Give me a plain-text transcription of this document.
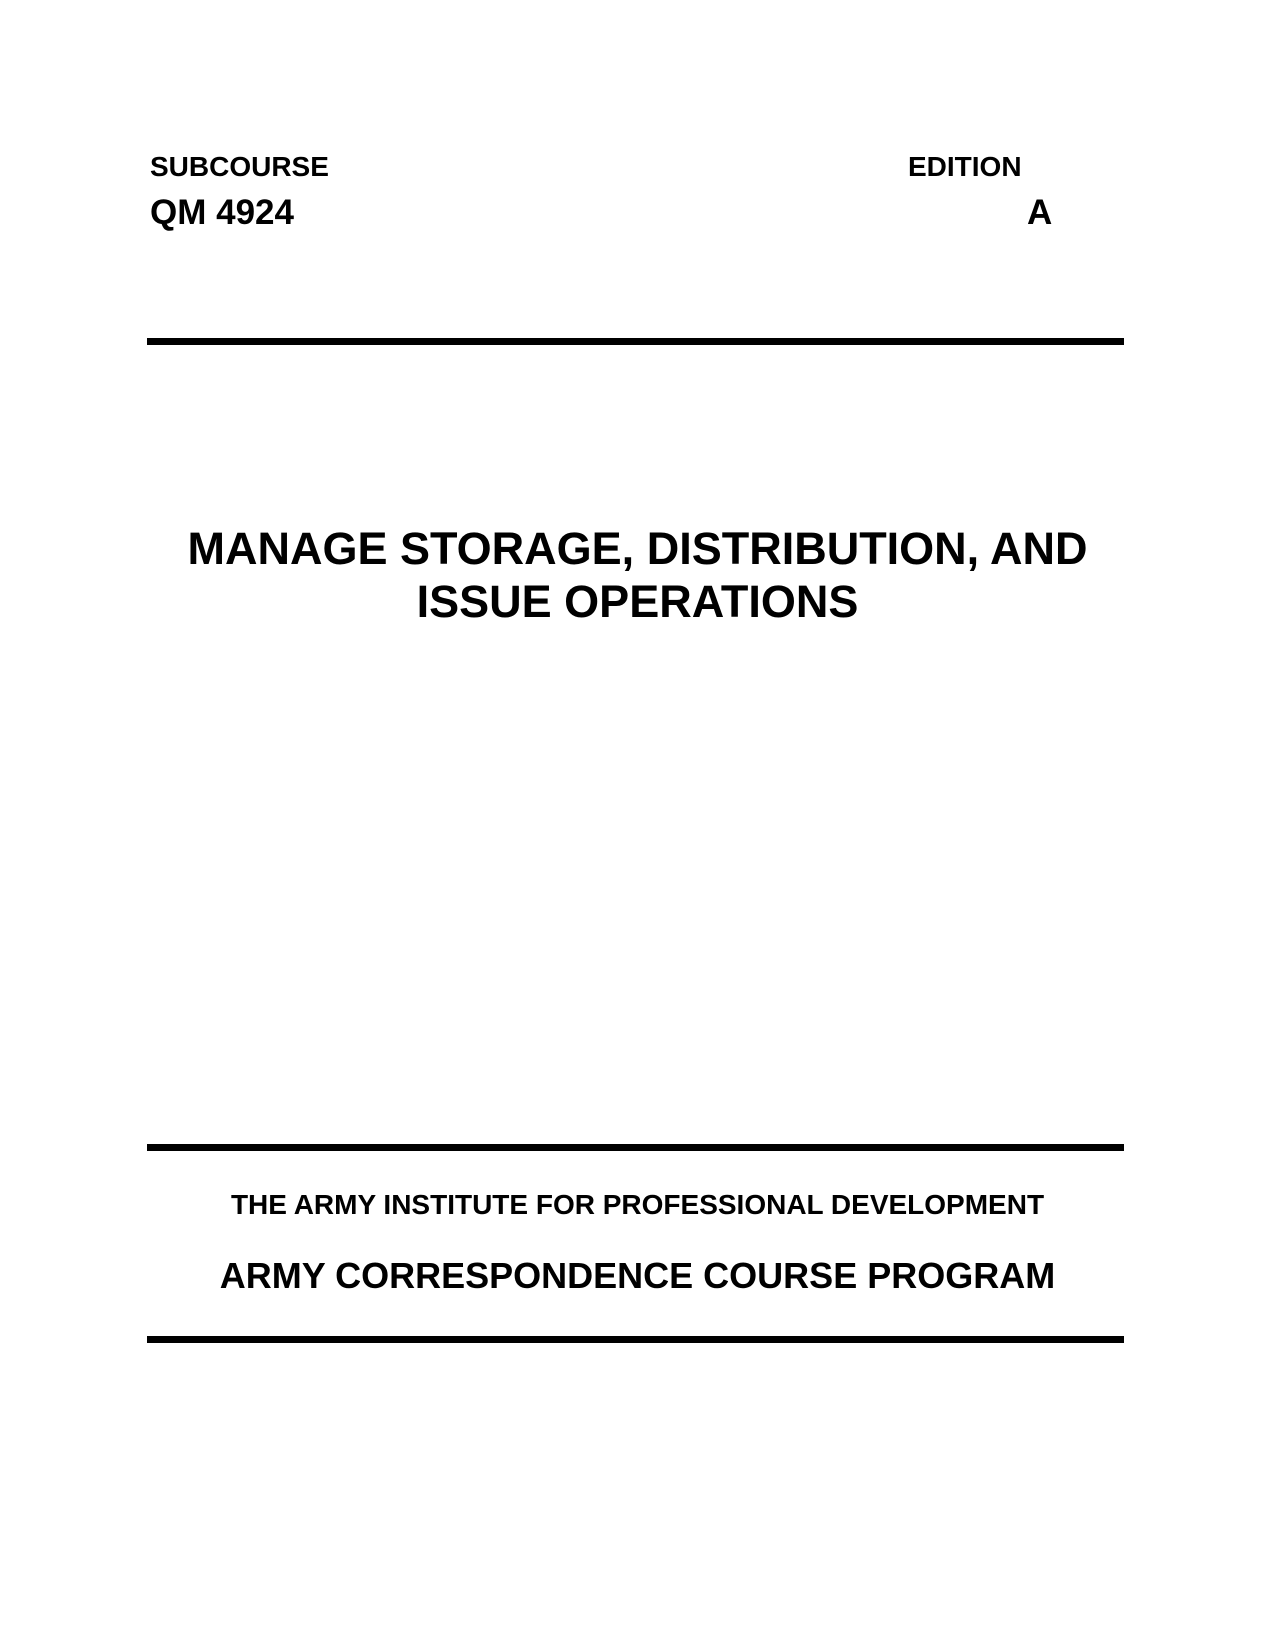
SUBCOURSE
QM 4924
EDITION
A
MANAGE STORAGE, DISTRIBUTION, AND
ISSUE OPERATIONS
THE ARMY INSTITUTE FOR PROFESSIONAL DEVELOPMENT
ARMY CORRESPONDENCE COURSE PROGRAM
